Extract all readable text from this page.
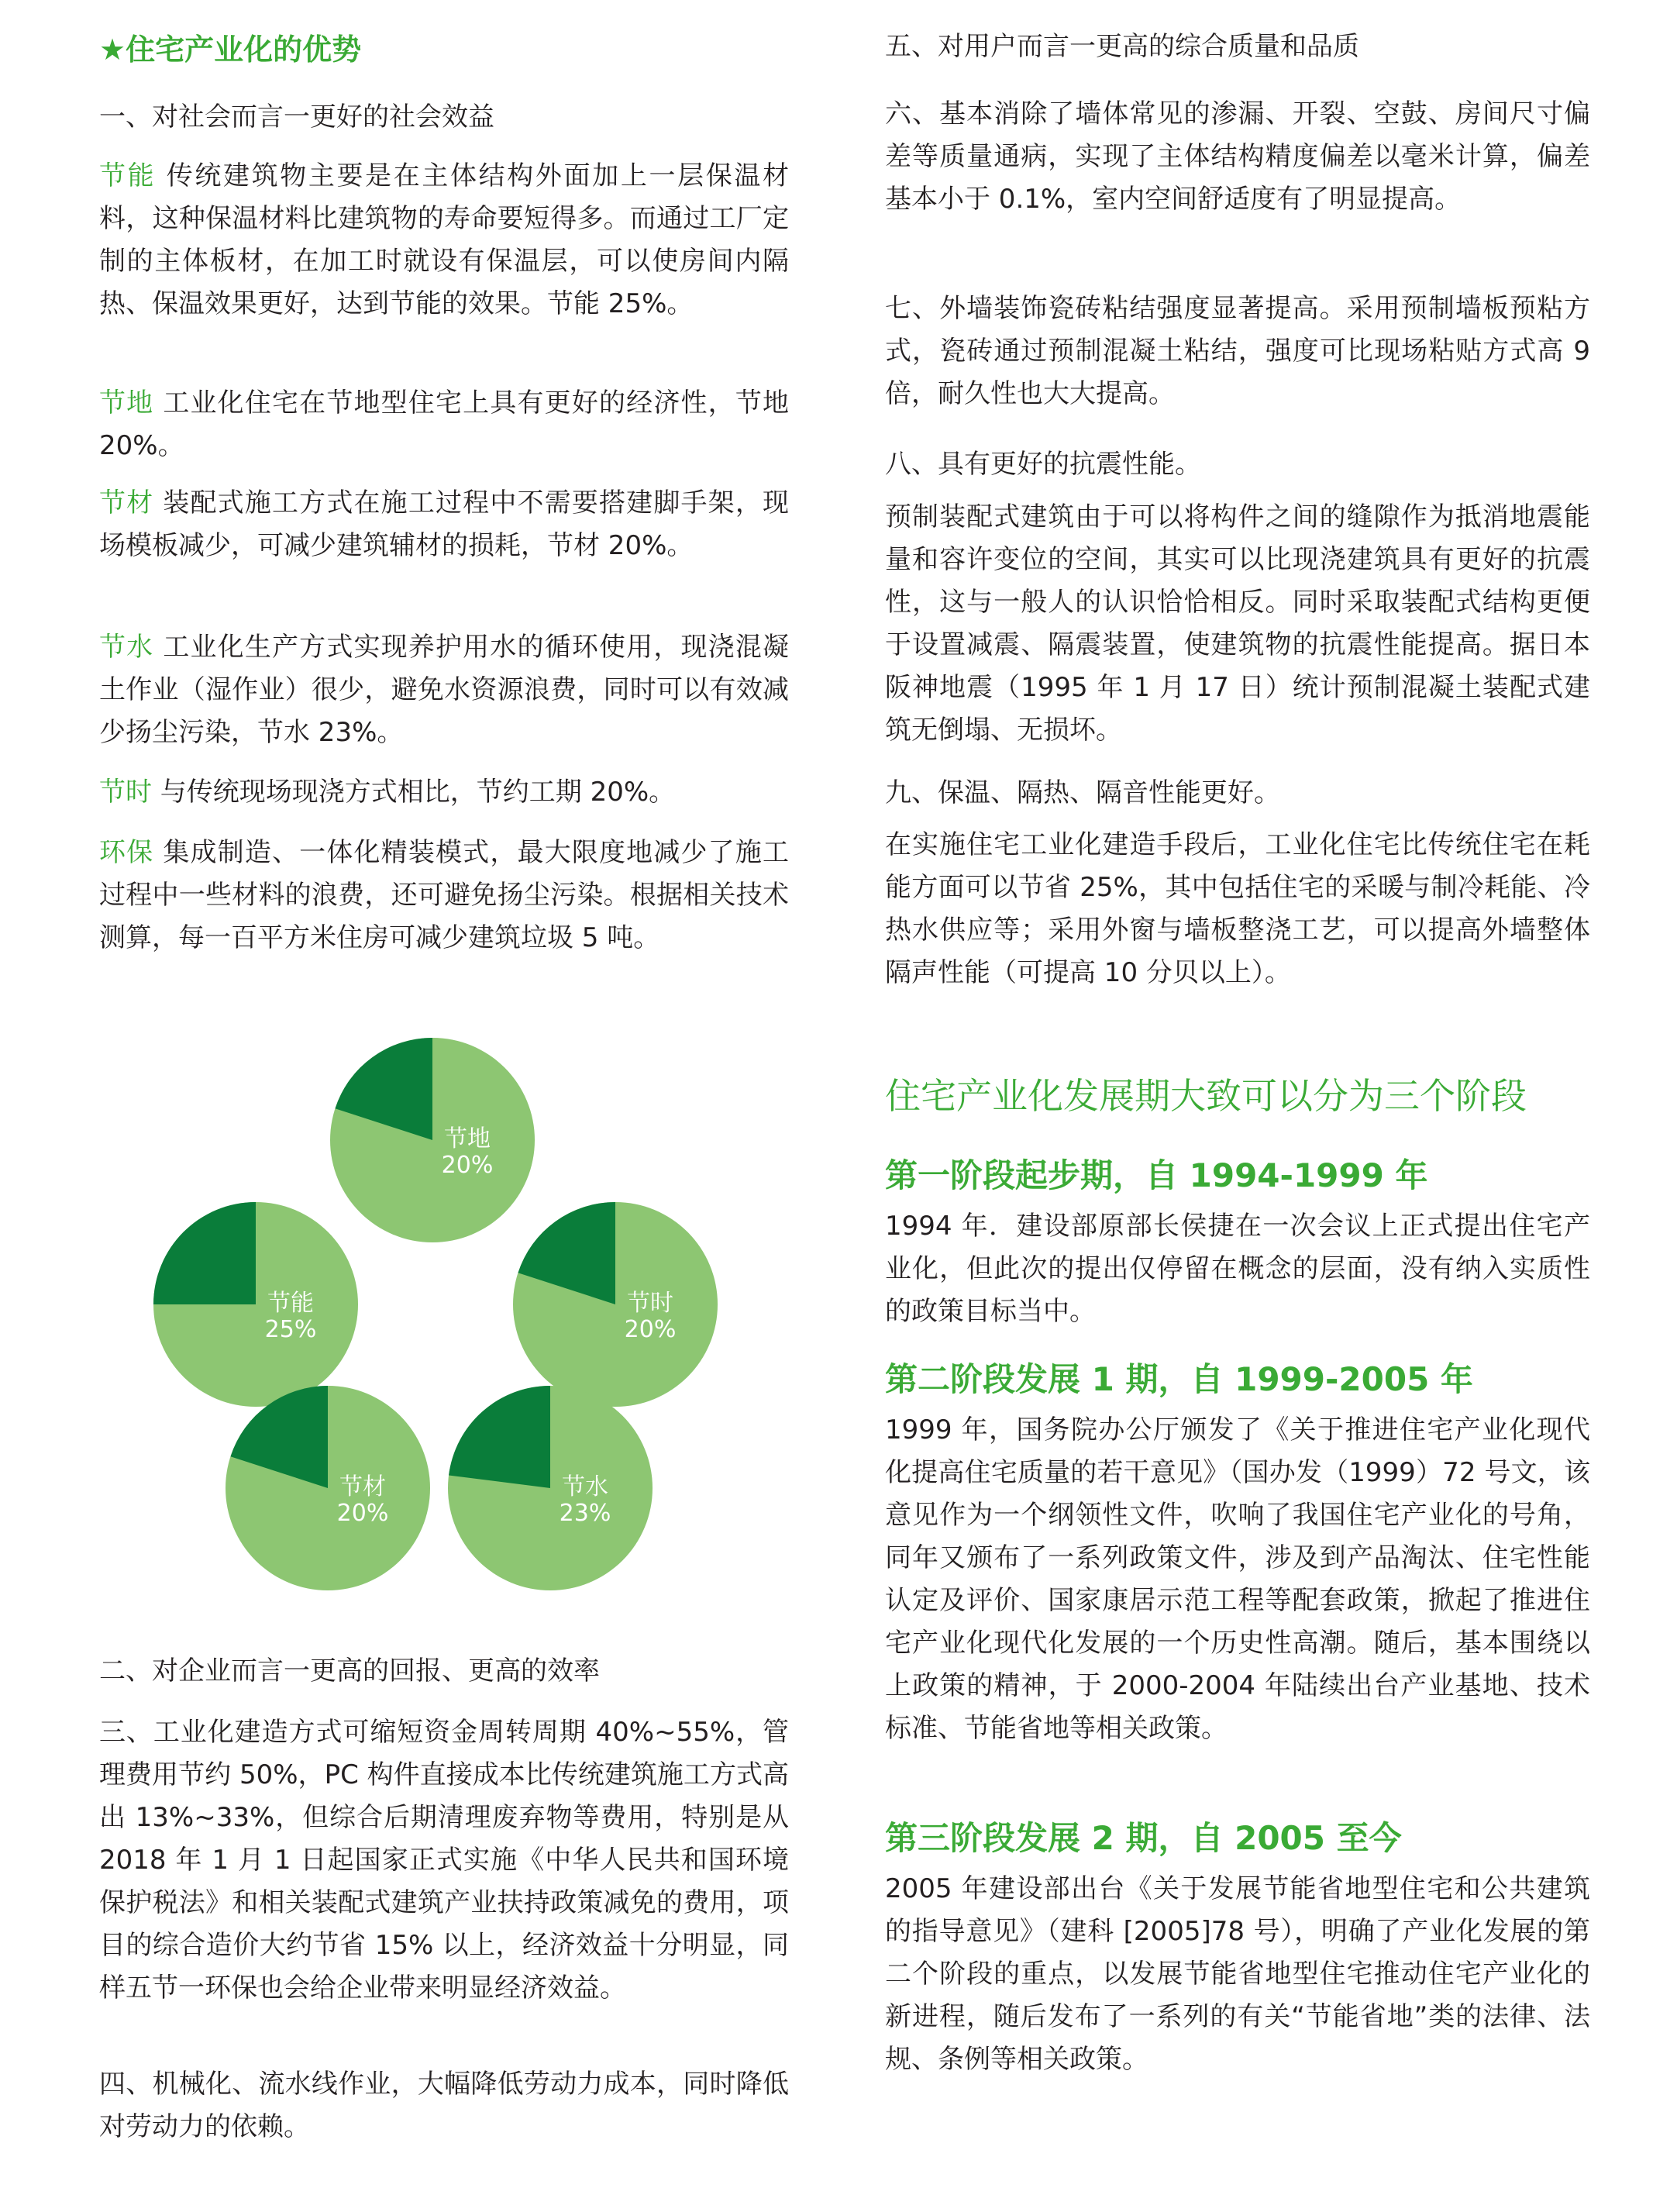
★住宅产业化的优势
一、对社会而言一更好的社会效益
节能 传统建筑物主要是在主体结构外面加上一层保温材料，这种保温材料比建筑物的寿命要短得多。而通过工厂定制的主体板材，在加工时就设有保温层，可以使房间内隔热、保温效果更好，达到节能的效果。节能 25%。
节地 工业化住宅在节地型住宅上具有更好的经济性，节地 20%。
节材 装配式施工方式在施工过程中不需要搭建脚手架，现场模板减少，可减少建筑辅材的损耗，节材 20%。
节水 工业化生产方式实现养护用水的循环使用，现浇混凝土作业（湿作业）很少，避免水资源浪费，同时可以有效减少扬尘污染，节水 23%。
节时 与传统现场现浇方式相比，节约工期 20%。
环保 集成制造、一体化精装模式，最大限度地减少了施工过程中一些材料的浪费，还可避免扬尘污染。根据相关技术测算，每一百平方米住房可减少建筑垃圾 5 吨。
二、对企业而言一更高的回报、更高的效率
三、工业化建造方式可缩短资金周转周期 40%~55%，管理费用节约 50%，PC 构件直接成本比传统建筑施工方式高出 13%~33%，但综合后期清理废弃物等费用，特别是从 2018 年 1 月 1 日起国家正式实施《中华人民共和国环境保护税法》和相关装配式建筑产业扶持政策减免的费用，项目的综合造价大约节省 15% 以上，经济效益十分明显，同样五节一环保也会给企业带来明显经济效益。
四、机械化、流水线作业，大幅降低劳动力成本，同时降低对劳动力的依赖。
节地
20%
节能
25%
节时
20%
节材
20%
节水
23%
五、对用户而言一更高的综合质量和品质
六、基本消除了墙体常见的渗漏、开裂、空鼓、房间尺寸偏差等质量通病，实现了主体结构精度偏差以毫米计算，偏差基本小于 0.1%，室内空间舒适度有了明显提高。
七、外墙装饰瓷砖粘结强度显著提高。采用预制墙板预粘方式，瓷砖通过预制混凝土粘结，强度可比现场粘贴方式高 9 倍，耐久性也大大提高。
八、具有更好的抗震性能。
预制装配式建筑由于可以将构件之间的缝隙作为抵消地震能量和容许变位的空间，其实可以比现浇建筑具有更好的抗震性，这与一般人的认识恰恰相反。同时采取装配式结构更便于设置减震、隔震装置，使建筑物的抗震性能提高。据日本阪神地震（1995 年 1 月 17 日）统计预制混凝土装配式建筑无倒塌、无损坏。
九、保温、隔热、隔音性能更好。
在实施住宅工业化建造手段后，工业化住宅比传统住宅在耗能方面可以节省 25%，其中包括住宅的采暖与制冷耗能、冷热水供应等；采用外窗与墙板整浇工艺，可以提高外墙整体隔声性能（可提高 10 分贝以上）。
住宅产业化发展期大致可以分为三个阶段
第一阶段起步期，自 1994-1999 年
1994 年．建设部原部长侯捷在一次会议上正式提出住宅产业化，但此次的提出仅停留在概念的层面，没有纳入实质性的政策目标当中。
第二阶段发展 1 期，自 1999-2005 年
1999 年，国务院办公厅颁发了《关于推进住宅产业化现代化提高住宅质量的若干意见》（国办发（1999）72 号文，该意见作为一个纲领性文件，吹响了我国住宅产业化的号角，同年又颁布了一系列政策文件，涉及到产品淘汰、住宅性能认定及评价、国家康居示范工程等配套政策，掀起了推进住宅产业化现代化发展的一个历史性高潮。随后，基本围绕以上政策的精神，于 2000-2004 年陆续出台产业基地、技术标准、节能省地等相关政策。
第三阶段发展 2 期，自 2005 至今
2005 年建设部出台《关于发展节能省地型住宅和公共建筑的指导意见》（建科 [2005]78 号），明确了产业化发展的第二个阶段的重点，以发展节能省地型住宅推动住宅产业化的新进程，随后发布了一系列的有关“节能省地”类的法律、法规、条例等相关政策。
